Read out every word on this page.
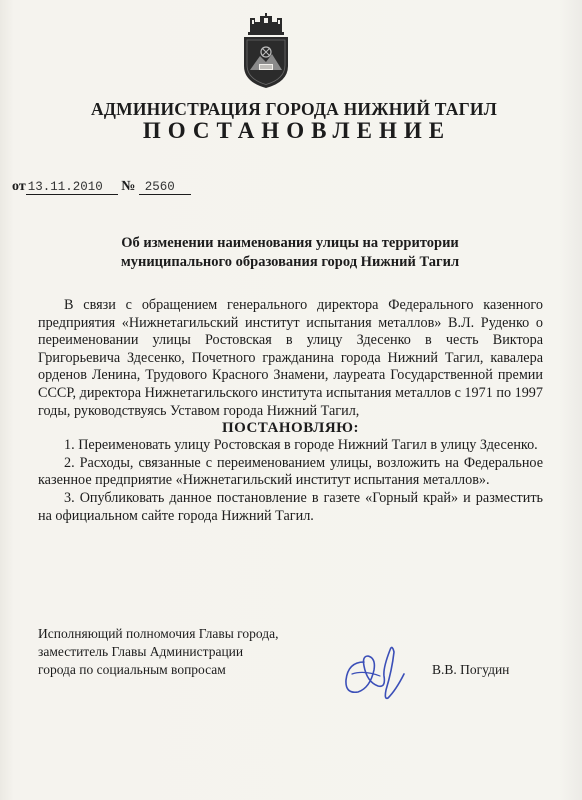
АДМИНИСТРАЦИЯ ГОРОДА НИЖНИЙ ТАГИЛ
ПОСТАНОВЛЕНИЕ
от 13.11.2010 № 2560
Об изменении наименования улицы на территории
муниципального образования город Нижний Тагил

В связи с обращением генерального директора Федерального казенного предприятия «Нижнетагильский институт испытания металлов» В.Л. Руденко о переименовании улицы Ростовская в улицу Здесенко в честь Виктора Григорьевича Здесенко, Почетного гражданина города Нижний Тагил, кавалера орденов Ленина, Трудового Красного Знамени, лауреата Государственной премии СССР, директора Нижнетагильского института испытания металлов с 1971 по 1997 годы, руководствуясь Уставом города Нижний Тагил,

ПОСТАНОВЛЯЮ:

1. Переименовать улицу Ростовская в городе Нижний Тагил в улицу Здесенко.

2. Расходы, связанные с переименованием улицы, возложить на Федеральное казенное предприятие «Нижнетагильский институт испытания металлов».

3. Опубликовать данное постановление в газете «Горный край» и разместить на официальном сайте города Нижний Тагил.

Исполняющий полномочия Главы города,
заместитель Главы Администрации
города по социальным вопросам	В.В. Погудин
